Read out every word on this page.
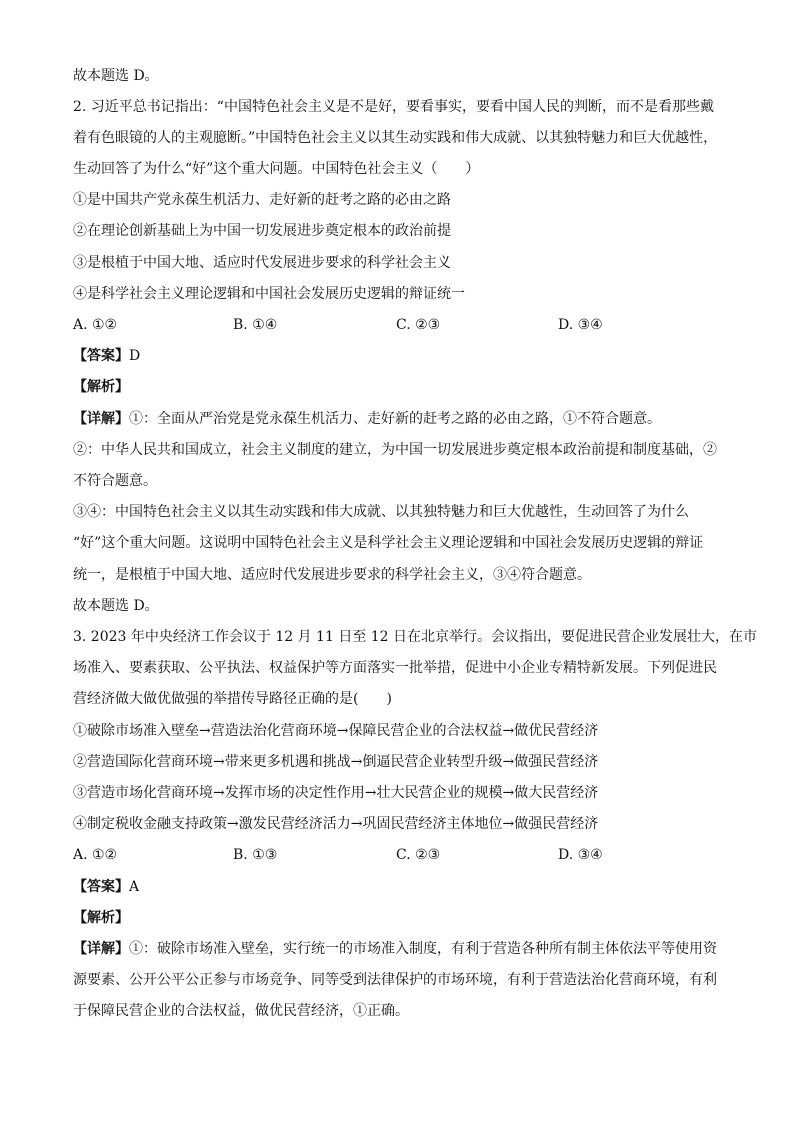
故本题选 D。
2. 习近平总书记指出：“中国特色社会主义是不是好，要看事实，要看中国人民的判断，而不是看那些戴
着有色眼镜的人的主观臆断。”中国特色社会主义以其生动实践和伟大成就、以其独特魅力和巨大优越性，
生动回答了为什么“好”这个重大问题。中国特色社会主义（　　）
①是中国共产党永葆生机活力、走好新的赶考之路的必由之路
②在理论创新基础上为中国一切发展进步奠定根本的政治前提
③是根植于中国大地、适应时代发展进步要求的科学社会主义
④是科学社会主义理论逻辑和中国社会发展历史逻辑的辩证统一
A. ①②	B. ①④	C. ②③	D. ③④
【答案】D
【解析】
【详解】①：全面从严治党是党永葆生机活力、走好新的赶考之路的必由之路，①不符合题意。
②：中华人民共和国成立，社会主义制度的建立，为中国一切发展进步奠定根本政治前提和制度基础，②
不符合题意。
③④：中国特色社会主义以其生动实践和伟大成就、以其独特魅力和巨大优越性，生动回答了为什么
“好”这个重大问题。这说明中国特色社会主义是科学社会主义理论逻辑和中国社会发展历史逻辑的辩证
统一，是根植于中国大地、适应时代发展进步要求的科学社会主义，③④符合题意。
故本题选 D。
3. 2023 年中央经济工作会议于 12 月 11 日至 12 日在北京举行。会议指出，要促进民营企业发展壮大，在市
场准入、要素获取、公平执法、权益保护等方面落实一批举措，促进中小企业专精特新发展。下列促进民
营经济做大做优做强的举措传导路径正确的是(　　)
①破除市场准入壁垒→营造法治化营商环境→保障民营企业的合法权益→做优民营经济
②营造国际化营商环境→带来更多机遇和挑战→倒逼民营企业转型升级→做强民营经济
③营造市场化营商环境→发挥市场的决定性作用→壮大民营企业的规模→做大民营经济
④制定税收金融支持政策→激发民营经济活力→巩固民营经济主体地位→做强民营经济
A. ①②	B. ①③	C. ②③	D. ③④
【答案】A
【解析】
【详解】①：破除市场准入壁垒，实行统一的市场准入制度，有利于营造各种所有制主体依法平等使用资
源要素、公开公平公正参与市场竞争、同等受到法律保护的市场环境，有利于营造法治化营商环境，有利
于保障民营企业的合法权益，做优民营经济，①正确。
